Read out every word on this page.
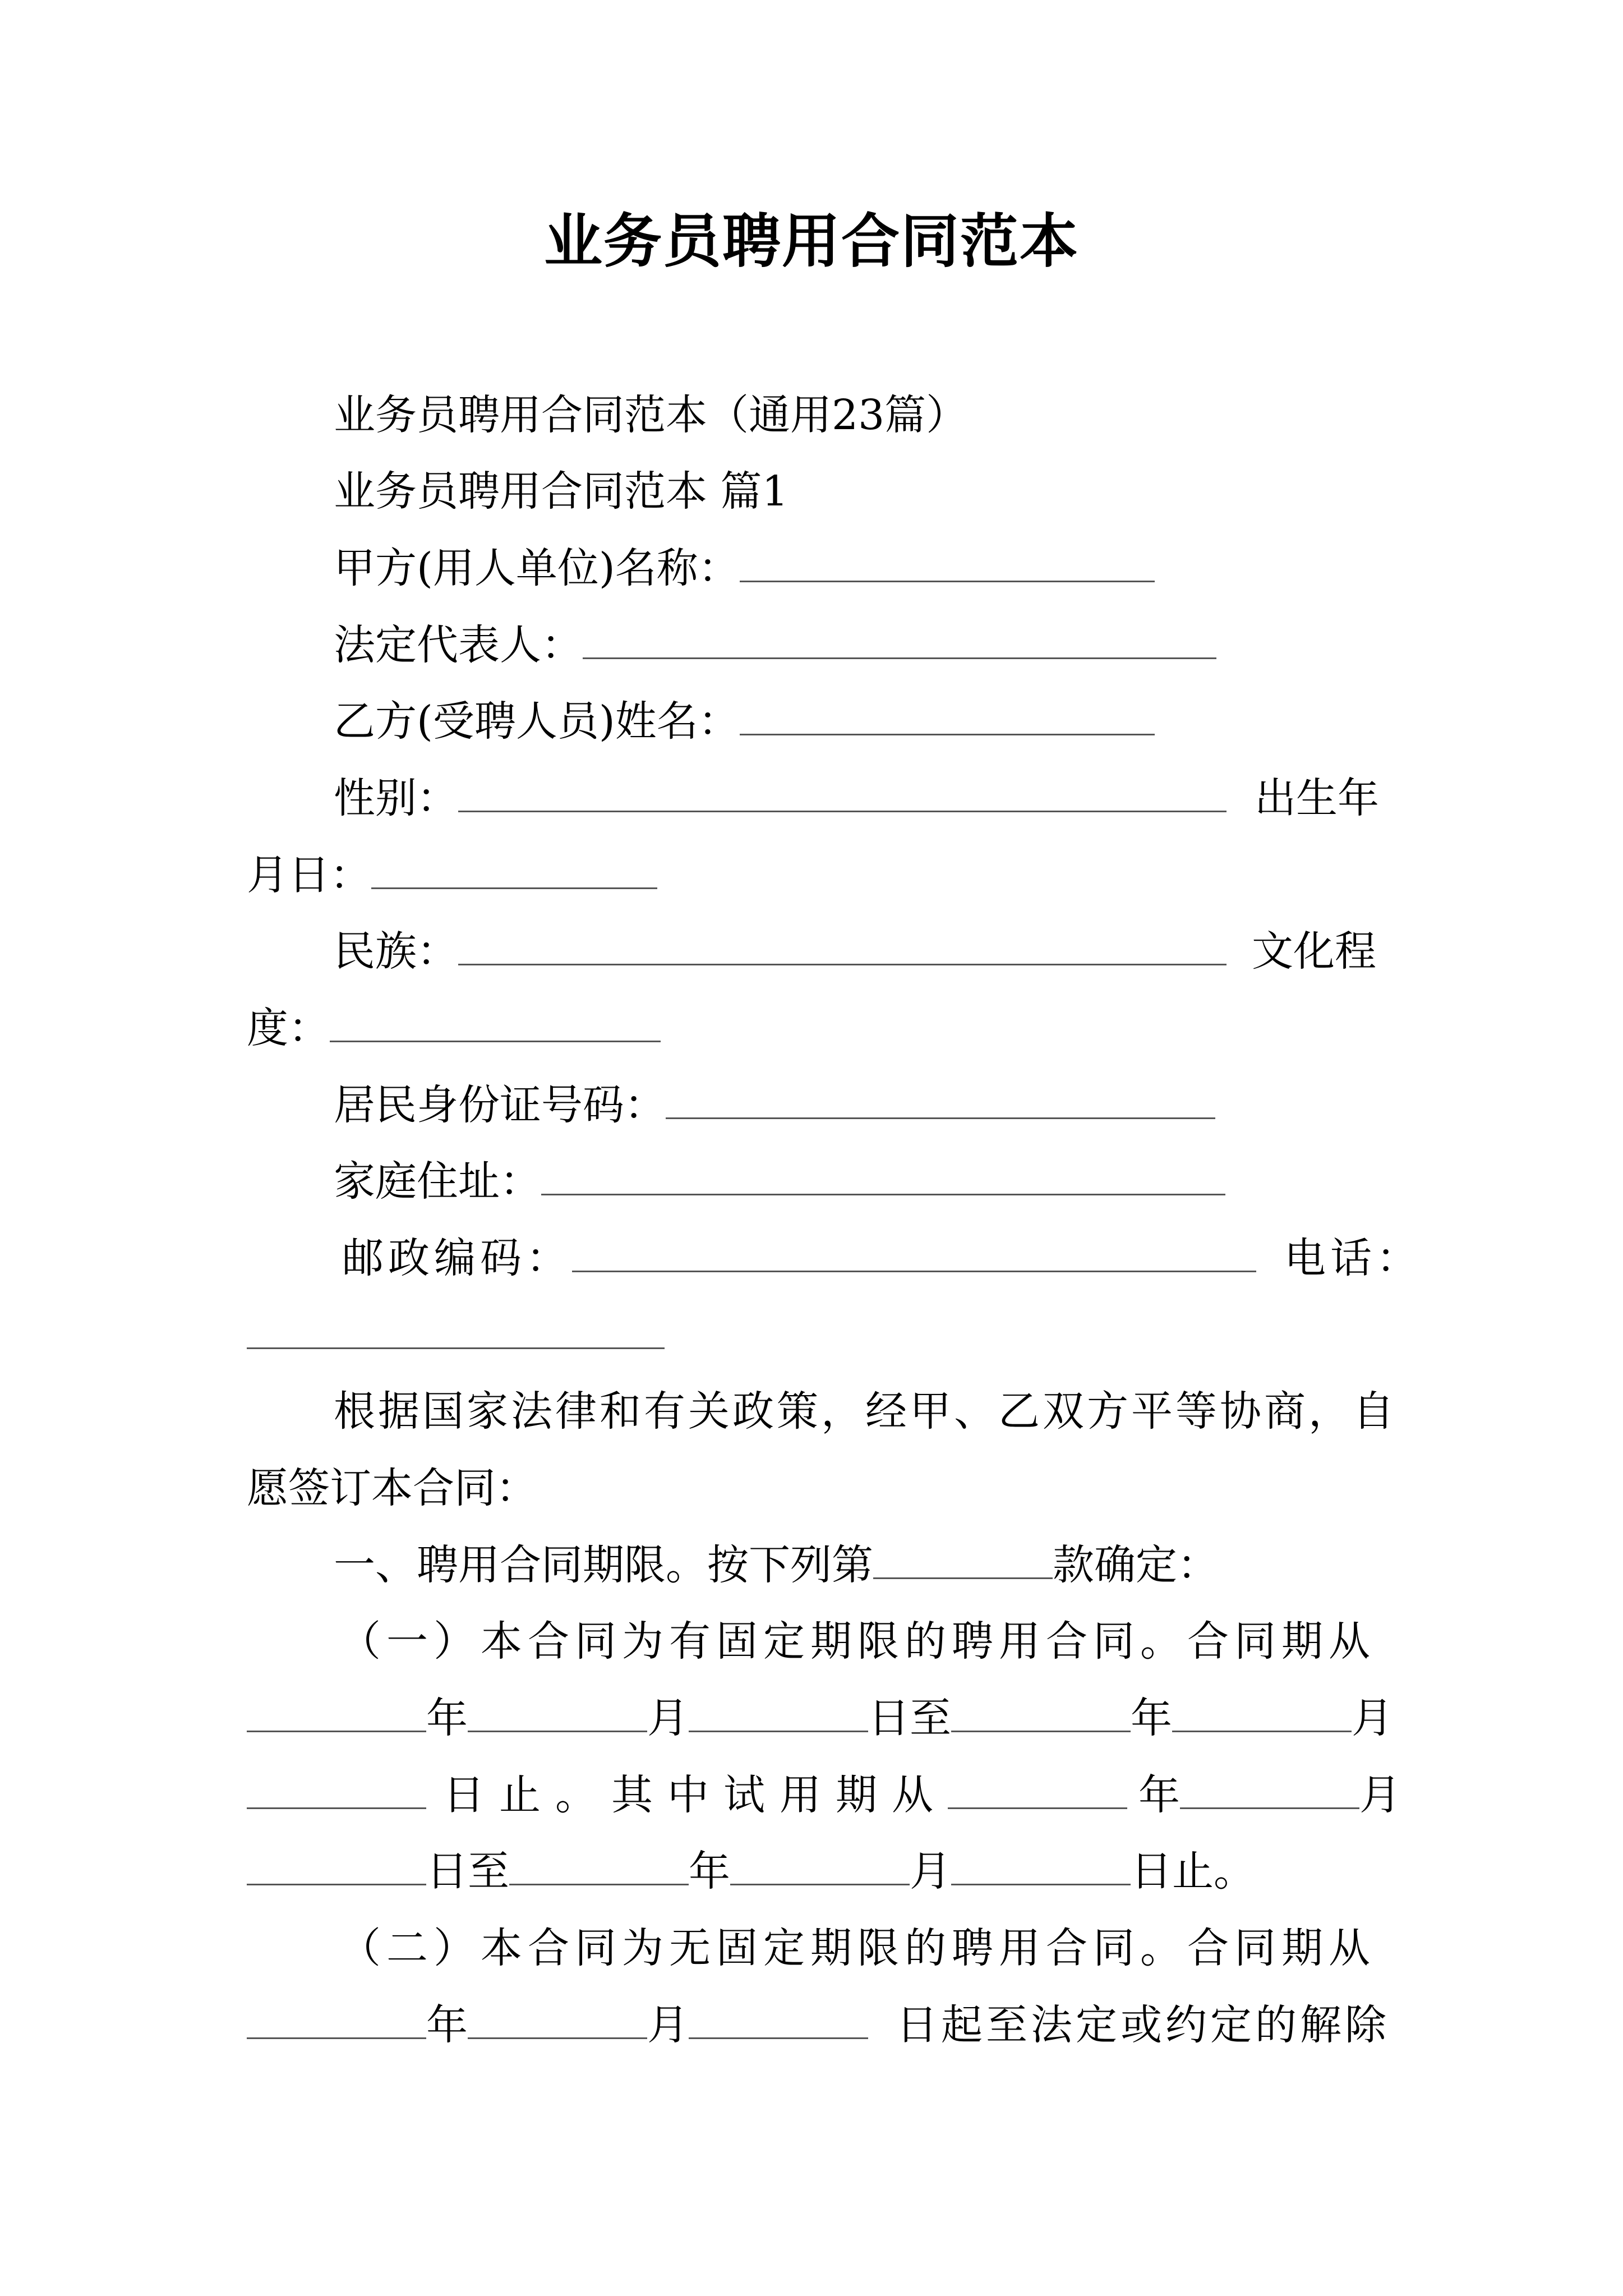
业务员聘用合同范本
业务员聘用合同范本（通用23篇）
业务员聘用合同范本 篇1
甲方(用人单位)名称：
法定代表人：
乙方(受聘人员)姓名：
性别：	出生年
月日：
民族：	文化程
度：
居民身份证号码：
家庭住址：
邮政编码：	电话：
根据国家法律和有关政策，经甲、乙双方平等协商，自
愿签订本合同：
一、聘用合同期限。按下列第	款确定：
（一）本合同为有固定期限的聘用合同。合同期从
年	月	日至	年	月
日止。其中试用期从	年	月
日至	年	月	日止。
（二）本合同为无固定期限的聘用合同。合同期从
年	月	日起至法定或约定的解除
